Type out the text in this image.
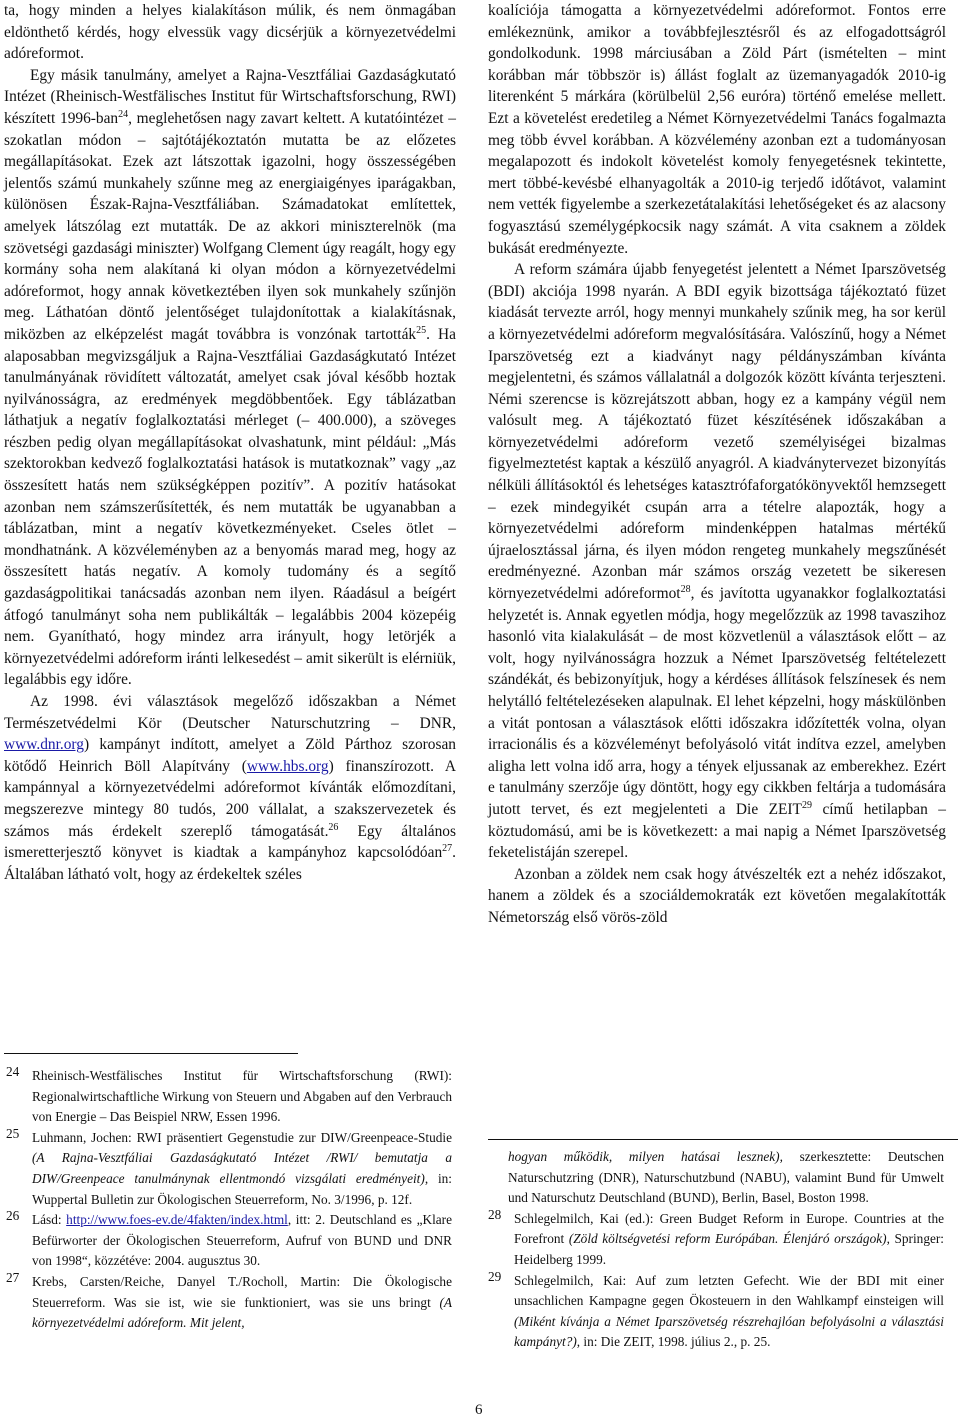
ta, hogy minden a helyes kialakításon múlik, és nem önmagában eldönthető kérdés, hogy elvessük vagy dicsérjük a környezetvédelmi adóreformot.

Egy másik tanulmány, amelyet a Rajna-Vesztfáliai Gazdaságkutató Intézet (Rheinisch-Westfälisches Institut für Wirtschaftsforschung, RWI) készített 1996-ban$^{24}$, meglehetősen nagy zavart keltett. A kutatóintézet – szokatlan módon – sajtótájékoztatón mutatta be az előzetes megállapításokat. Ezek azt látszottak igazolni, hogy összességében jelentős számú munkahely szűnne meg az energiaigényes iparágakban, különösen Észak-Rajna-Vesztfáliában. Számadatokat említettek, amelyek látszólag ezt mutatták. De az akkori miniszterelnök (ma szövetségi gazdasági miniszter) Wolfgang Clement úgy reagált, hogy egy kormány soha nem alakítaná ki olyan módon a környezetvédelmi adóreformot, hogy annak következtében ilyen sok munkahely szűnjön meg. Láthatóan döntő jelentőséget tulajdonítottak a kialakításnak, miközben az elképzelést magát továbbra is vonzónak tartották$^{25}$. Ha alaposabban megvizsgáljuk a Rajna-Vesztfáliai Gazdaságkutató Intézet tanulmányának rövidített változatát, amelyet csak jóval később hoztak nyilvánosságra, az eredmények megdöbbentőek. Egy táblázatban láthatjuk a negatív foglalkoztatási mérleget (– 400.000), a szöveges részben pedig olyan megállapításokat olvashatunk, mint például: „Más szektorokban kedvező foglalkoztatási hatások is mutatkoznak” vagy „az összesített hatás nem szükségképpen pozitív”. A pozitív hatásokat azonban nem számszerűsítették, és nem mutatták be ugyanabban a táblázatban, mint a negatív következményeket. Cseles ötlet – mondhatnánk. A közvéleményben az a benyomás marad meg, hogy az összesített hatás negatív. A komoly tudomány és a segítő gazdaságpolitikai tanácsadás azonban nem ilyen. Ráadásul a beígért átfogó tanulmányt soha nem publikálták – legalábbis 2004 közepéig nem. Gyanítható, hogy mindez arra irányult, hogy letörjék a környezetvédelmi adóreform iránti lelkesedést – amit sikerült is elérniük, legalábbis egy időre.

Az 1998. évi választások megelőző időszakban a Német Természetvédelmi Kör (Deutscher Naturschutzring – DNR, www.dnr.org) kampányt indított, amelyet a Zöld Párthoz szorosan kötődő Heinrich Böll Alapítvány (www.hbs.org) finanszírozott. A kampánnyal a környezetvédelmi adóreformot kívánták előmozdítani, megszerezve mintegy 80 tudós, 200 vállalat, a szakszervezetek és számos más érdekelt szereplő támogatását.$^{26}$ Egy általános ismeretterjesztő könyvet is kiadtak a kampányhoz kapcsolódóan$^{27}$. Általában látható volt, hogy az érdekeltek széles

koalíciója támogatta a környezetvédelmi adóreformot. Fontos erre emlékeznünk, amikor a továbbfejlesztésről és az elfogadottságról gondolkodunk. 1998 márciusában a Zöld Párt (ismételten – mint korábban már többször is) állást foglalt az üzemanyagadók 2010-ig literenként 5 márkára (körülbelül 2,56 euróra) történő emelése mellett. Ezt a követelést eredetileg a Német Környezetvédelmi Tanács fogalmazta meg több évvel korábban. A közvélemény azonban ezt a tudományosan megalapozott és indokolt követelést komoly fenyegetésnek tekintette, mert többé-kevésbé elhanyagolták a 2010-ig terjedő időtávot, valamint nem vették figyelembe a szerkezetátalakítási lehetőségeket és az alacsony fogyasztású személygépkocsik nagy számát. A vita csaknem a zöldek bukását eredményezte.

A reform számára újabb fenyegetést jelentett a Német Iparszövetség (BDI) akciója 1998 nyarán. A BDI egyik bizottsága tájékoztató füzet kiadását tervezte arról, hogy mennyi munkahely szűnik meg, ha sor kerül a környezetvédelmi adóreform megvalósítására. Valószínű, hogy a Német Iparszövetség ezt a kiadványt nagy példányszámban kívánta megjelentetni, és számos vállalatnál a dolgozók között kívánta terjeszteni. Némi szerencse is közrejátszott abban, hogy ez a kampány végül nem valósult meg. A tájékoztató füzet készítésének időszakában a környezetvédelmi adóreform vezető személyiségei bizalmas figyelmeztetést kaptak a készülő anyagról. A kiadványtervezet bizonyítás nélküli állításoktól és lehetséges katasztrófaforgatókönyvektől hemzsegett – ezek mindegyikét csupán arra a tételre alapozták, hogy a környezetvédelmi adóreform mindenképpen hatalmas mértékű újraelosztással járna, és ilyen módon rengeteg munkahely megszűnését eredményezné. Azonban már számos ország vezetett be sikeresen környezetvédelmi adóreformot$^{28}$, és javította ugyanakkor foglalkoztatási helyzetét is. Annak egyetlen módja, hogy megelőzzük az 1998 tavaszihoz hasonló vita kialakulását – de most közvetlenül a választások előtt – az volt, hogy nyilvánosságra hozzuk a Német Iparszövetség feltételezett szándékát, és bebizonyítjuk, hogy a kérdéses állítások felszínesek és nem helytálló feltételezéseken alapulnak. El lehet képzelni, hogy máskülönben a vitát pontosan a választások előtti időszakra időzítették volna, olyan irracionális és a közvéleményt befolyásoló vitát indítva ezzel, amelyben aligha lett volna idő arra, hogy a tények eljussanak az emberekhez. Ezért e tanulmány szerzője úgy döntött, hogy egy cikkben feltárja a tudomására jutott tervet, és ezt megjelenteti a Die ZEIT$^{29}$ című hetilapban – köztudomású, ami be is következett: a mai napig a Német Iparszövetség feketelistáján szerepel.

Azonban a zöldek nem csak hogy átvészelték ezt a nehéz időszakot, hanem a zöldek és a szociáldemokraták ezt követően megalakították Németország első vörös-zöld

24 Rheinisch-Westfälisches Institut für Wirtschaftsforschung (RWI): Regionalwirtschaftliche Wirkung von Steuern und Abgaben auf den Verbrauch von Energie – Das Beispiel NRW, Essen 1996.

25 Luhmann, Jochen: RWI präsentiert Gegenstudie zur DIW/Greenpeace-Studie (A Rajna-Vesztfáliai Gazdaságkutató Intézet /RWI/ bemutatja a DIW/Greenpeace tanulmánynak ellentmondó vizsgálati eredményeit), in: Wuppertal Bulletin zur Ökologischen Steuerreform, No. 3/1996, p. 12f.

26 Lásd: http://www.foes-ev.de/4fakten/index.html, itt: 2. Deutschland es „Klare Befürworter der Ökologischen Steuerreform, Aufruf von BUND und DNR von 1998“, közzétéve: 2004. augusztus 30.

27 Krebs, Carsten/Reiche, Danyel T./Rocholl, Martin: Die Ökologische Steuerreform. Was sie ist, wie sie funktioniert, was sie uns bringt (A környezetvédelmi adóreform. Mit jelent,

hogyan működik, milyen hatásai lesznek), szerkesztette: Deutschen Naturschutzring (DNR), Naturschutzbund (NABU), valamint Bund für Umwelt und Naturschutz Deutschland (BUND), Berlin, Basel, Boston 1998.

28 Schlegelmilch, Kai (ed.): Green Budget Reform in Europe. Countries at the Forefront (Zöld költségvetési reform Európában. Élenjáró országok), Springer: Heidelberg 1999.

29 Schlegelmilch, Kai: Auf zum letzten Gefecht. Wie der BDI mit einer unsachlichen Kampagne gegen Ökosteuern in den Wahlkampf einsteigen will (Miként kívánja a Német Iparszövetség részrehajlóan befolyásolni a választási kampányt?), in: Die ZEIT, 1998. július 2., p. 25.

6
